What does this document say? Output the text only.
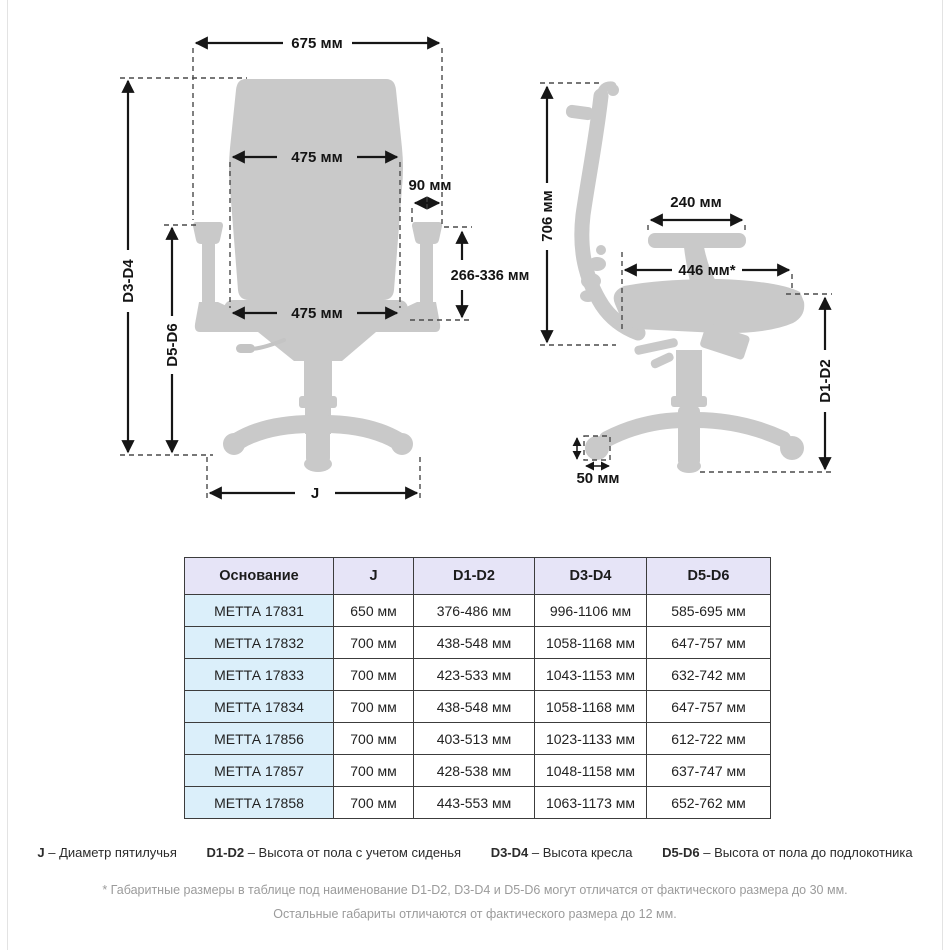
675 мм
475 мм
90 мм
266-336 мм
475 мм
D3-D4
D5-D6
J
706 мм	240 мм
446 мм*
D1-D2
50 мм
Основание	J	D1-D2	D3-D4	D5-D6
МЕТТА 17831	650 мм	376-486 мм	996-1106 мм	585-695 мм
МЕТТА 17832	700 мм	438-548 мм	1058-1168 мм	647-757 мм
МЕТТА 17833	700 мм	423-533 мм	1043-1153 мм	632-742 мм
МЕТТА 17834	700 мм	438-548 мм	1058-1168 мм	647-757 мм
МЕТТА 17856	700 мм	403-513 мм	1023-1133 мм	612-722 мм
МЕТТА 17857	700 мм	428-538 мм	1048-1158 мм	637-747 мм
МЕТТА 17858	700 мм	443-553 мм	1063-1173 мм	652-762 мм
J – Диаметр пятилучья D1-D2 – Высота от пола с учетом сиденья D3-D4 – Высота кресла D5-D6 – Высота от пола до подлокотника
* Габаритные размеры в таблице под наименование D1-D2, D3-D4 и D5-D6 могут отличатся от фактического размера до 30 мм.
Остальные габариты отличаются от фактического размера до 12 мм.
